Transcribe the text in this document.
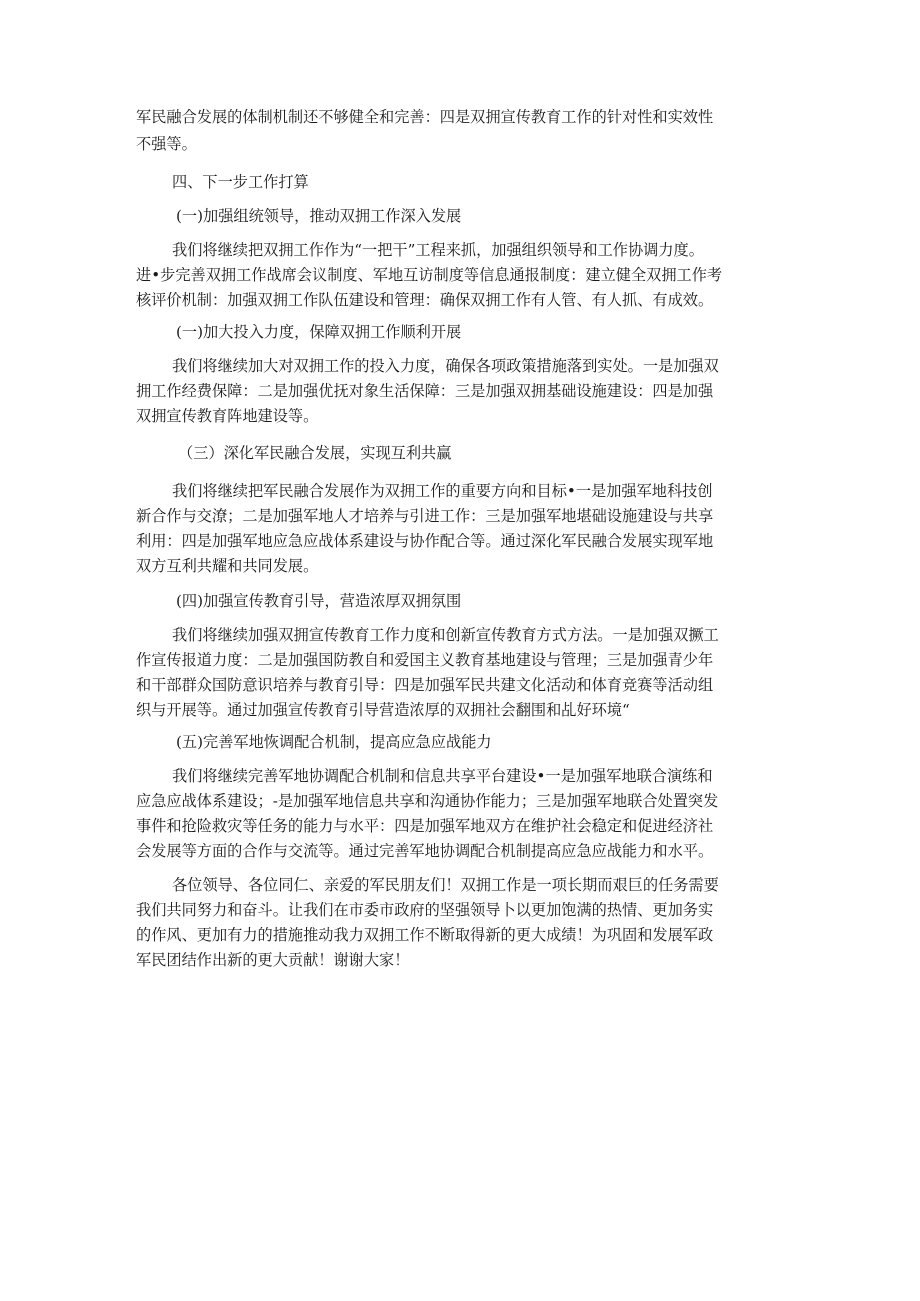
军民融合发展的体制机制还不够健全和完善：四是双拥宣传教育工作的针对性和实效性
不强等。
四、下一步工作打算
(一)加强组统领导，推动双拥工作深入发展
我们将继续把双拥工作作为“一把干”工程来抓，加强组织领导和工作协调力度。
进•步完善双拥工作战席会议制度、军地互访制度等信息通报制度：建立健全双拥工作考
核评价机制：加强双拥工作队伍建设和管理：确保双拥工作有人管、有人抓、有成效。
(一)加大投入力度，保障双拥工作顺利开展
我们将继续加大对双拥工作的投入力度，确保各项政策措施落到实处。一是加强双
拥工作经费保障：二是加强优抚对象生活保障：三是加强双拥基础设施建设：四是加强
双拥宣传教育阵地建设等。
（三）深化军民融合发展，实现互利共赢
我们将继续把军民融合发展作为双拥工作的重要方向和目标•一是加强军地科技创
新合作与交潦；二是加强军地人才培养与引进工作：三是加强军地堪础设施建设与共享
利用：四是加强军地应急应战体系建设与协作配合等。通过深化军民融合发展实现军地
双方互利共耀和共同发展。
(四)加强宣传教育引导，营造浓厚双拥氛围
我们将继续加强双拥宣传教育工作力度和创新宣传教育方式方法。一是加强双撅工
作宣传报道力度：二是加强国防教自和爱国主义教育基地建设与管理；三是加强青少年
和干部群众国防意识培养与教育引导：四是加强军民共建文化活动和体育竞赛等活动组
织与开展等。通过加强宣传教育引导营造浓厚的双拥社会翻围和乩好环境“
(五)完善军地恢调配合机制，提高应急应战能力
我们将继续完善军地协调配合机制和信息共享平台建设•一是加强军地联合演练和
应急应战体系建设；-是加强军地信息共享和沟通协作能力；三是加强军地联合处置突发
事件和抢险救灾等任务的能力与水平：四是加强军地双方在维护社会稳定和促进经济社
会发展等方面的合作与交流等。通过完善军地协调配合机制提高应急应战能力和水平。
各位领导、各位同仁、亲爱的军民朋友们！双拥工作是一项长期而艰巨的任务需要
我们共同努力和奋斗。让我们在市委市政府的坚强领导卜以更加饱满的热情、更加务实
的作风、更加有力的措施推动我力双拥工作不断取得新的更大成绩！为巩固和发展军政
军民团结作出新的更大贡献！谢谢大家！
